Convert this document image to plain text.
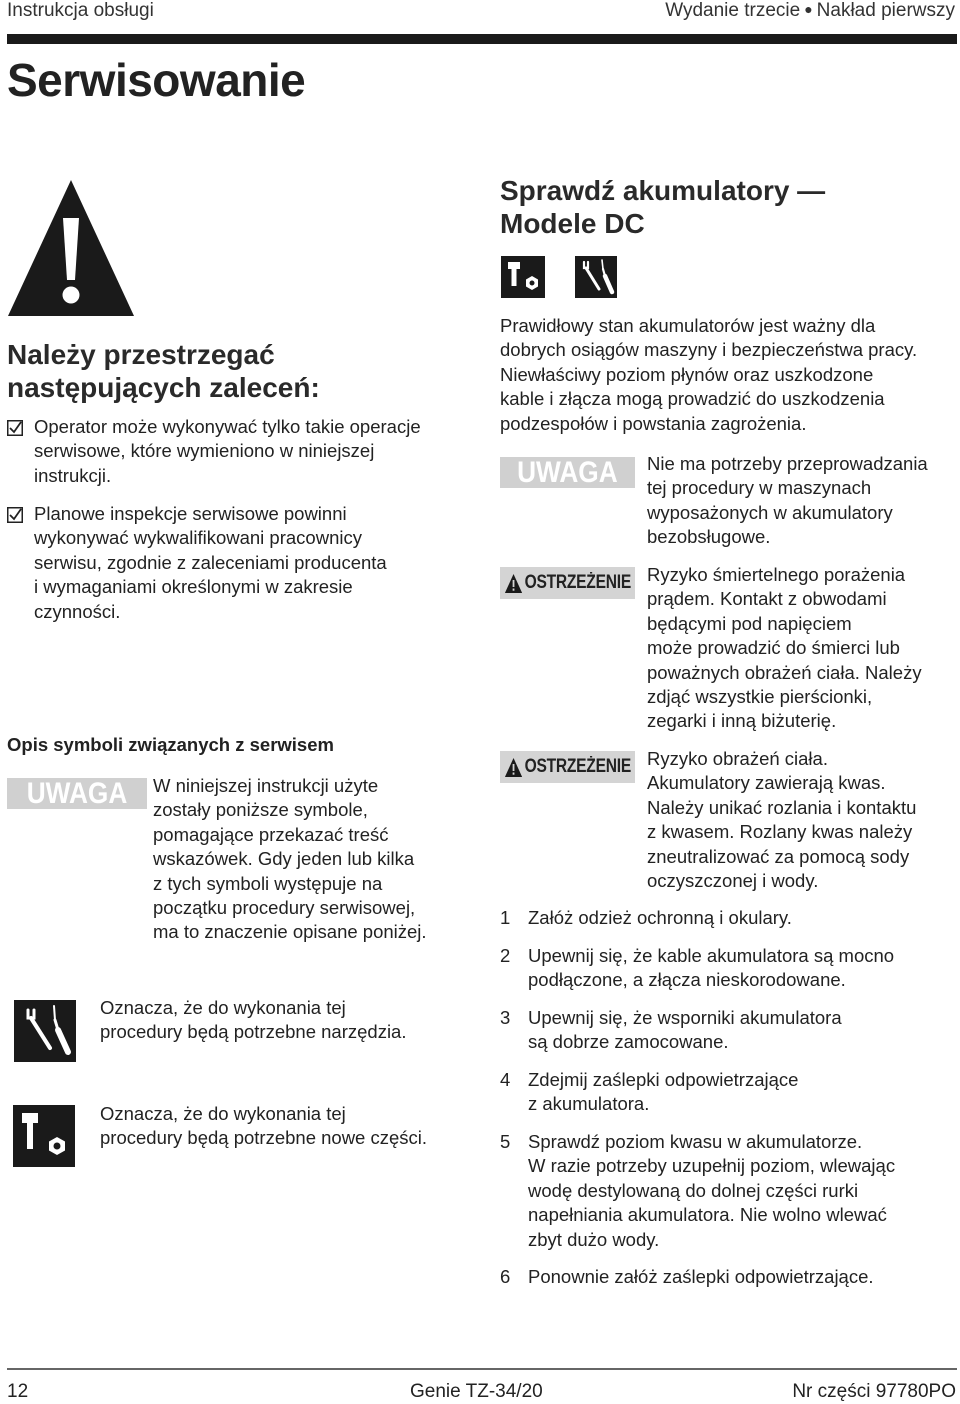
Instrukcja obsługi	Wydanie trzecie ● Nakład pierwszy
Serwisowanie
Należy przestrzegać
następujących zaleceń:
Operator może wykonywać tylko takie operacje
serwisowe, które wymieniono w niniejszej
instrukcji.
Planowe inspekcje serwisowe powinni
wykonywać wykwalifikowani pracownicy
serwisu, zgodnie z zaleceniami producenta
i wymaganiami określonymi w zakresie
czynności.
Opis symboli związanych z serwisem
UWAGA	W niniejszej instrukcji użyte
zostały poniższe symbole,
pomagające przekazać treść
wskazówek. Gdy jeden lub kilka
z tych symboli występuje na
początku procedury serwisowej,
ma to znaczenie opisane poniżej.
Oznacza, że do wykonania tej
procedury będą potrzebne narzędzia.
Oznacza, że do wykonania tej
procedury będą potrzebne nowe części.
Sprawdź akumulatory —
Modele DC
Prawidłowy stan akumulatorów jest ważny dla
dobrych osiągów maszyny i bezpieczeństwa pracy.
Niewłaściwy poziom płynów oraz uszkodzone
kable i złącza mogą prowadzić do uszkodzenia
podzespołów i powstania zagrożenia.
UWAGA	Nie ma potrzeby przeprowadzania
tej procedury w maszynach
wyposażonych w akumulatory
bezobsługowe.
OSTRZEŻENIE Ryzyko śmiertelnego porażenia
prądem. Kontakt z obwodami
będącymi pod napięciem
może prowadzić do śmierci lub
poważnych obrażeń ciała. Należy
zdjąć wszystkie pierścionki,
zegarki i inną biżuterię.
OSTRZEŻENIE Ryzyko obrażeń ciała.
Akumulatory zawierają kwas.
Należy unikać rozlania i kontaktu
z kwasem. Rozlany kwas należy
zneutralizować za pomocą sody
oczyszczonej i wody.
1 Załóż odzież ochronną i okulary.
2 Upewnij się, że kable akumulatora są mocno
podłączone, a złącza nieskorodowane.
3 Upewnij się, że wsporniki akumulatora
są dobrze zamocowane.
4 Zdejmij zaślepki odpowietrzające
z akumulatora.
5 Sprawdź poziom kwasu w akumulatorze.
W razie potrzeby uzupełnij poziom, wlewając
wodę destylowaną do dolnej części rurki
napełniania akumulatora. Nie wolno wlewać
zbyt dużo wody.
6 Ponownie załóż zaślepki odpowietrzające.
12	Genie TZ-34/20	Nr części 97780PO
